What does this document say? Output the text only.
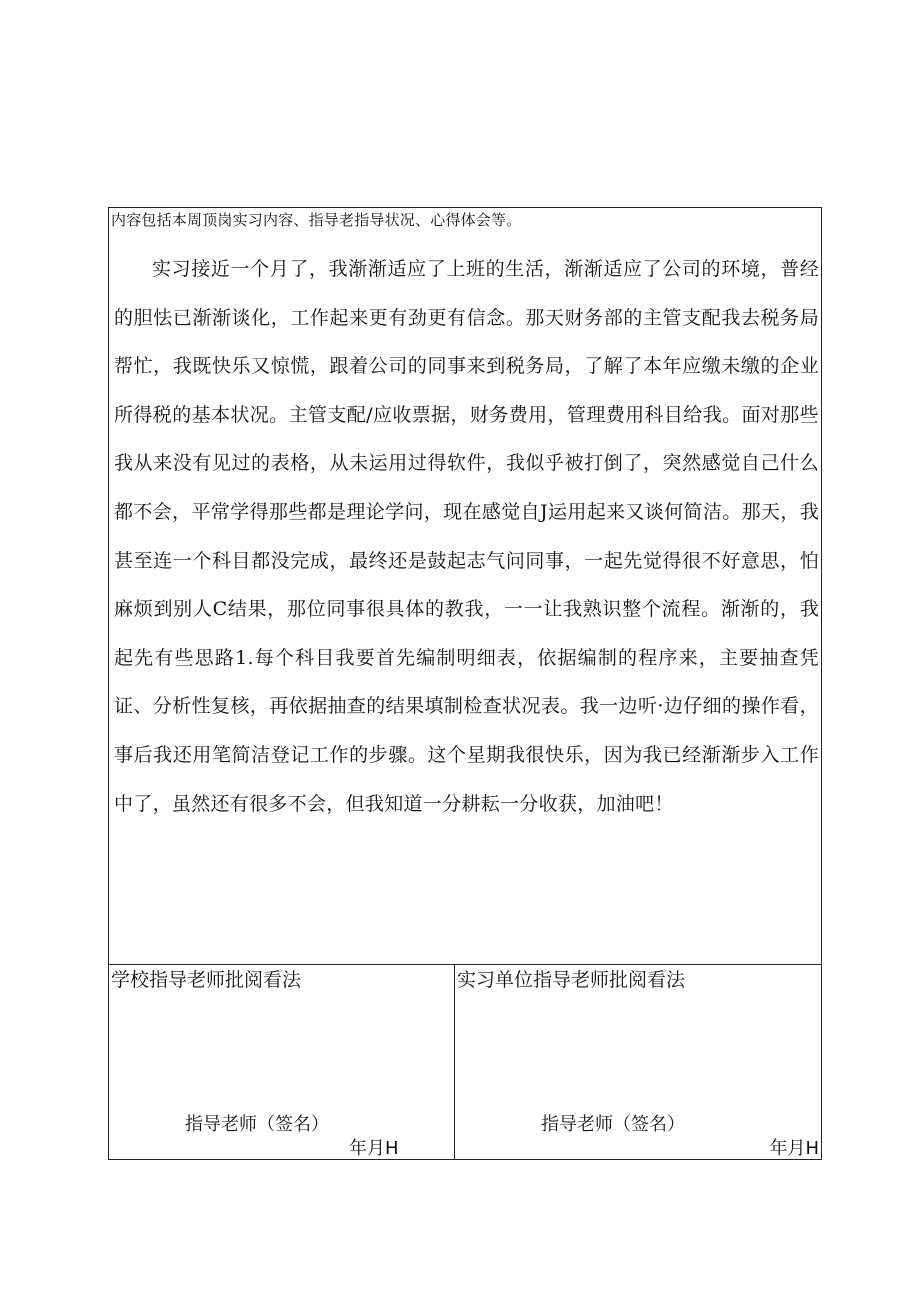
内容包括本周顶岗实习内容、指导老指导状况、心得体会等。

实习接近一个月了，我渐渐适应了上班的生活，渐渐适应了公司的环境，普经的胆怯已渐渐谈化，工作起来更有劲更有信念。那天财务部的主管支配我去税务局帮忙，我既快乐又惊慌，跟着公司的同事来到税务局，了解了本年应缴未缴的企业所得税的基本状况。主管支配/应收票据，财务费用，管理费用科目给我。面对那些我从来没有见过的表格，从未运用过得软件，我似乎被打倒了，突然感觉自己什么都不会，平常学得那些都是理论学问，现在感觉自J运用起来又谈何简洁。那天，我甚至连一个科目都没完成，最终还是鼓起志气问同事，一起先觉得很不好意思，怕麻烦到别人C结果，那位同事很具体的教我，一一让我熟识整个流程。渐渐的，我起先有些思路1.每个科目我要首先编制明细表，依据编制的程序来，主要抽查凭证、分析性复核，再依据抽查的结果填制检查状况表。我一边听·边仔细的操作看，事后我还用笔简洁登记工作的步骤。这个星期我很快乐，因为我已经渐渐步入工作中了，虽然还有很多不会，但我知道一分耕耘一分收获，加油吧！

学校指导老师批阅看法
指导老师（签名）
年月H
实习单位指导老师批阅看法
指导老师（签名）
年月H
